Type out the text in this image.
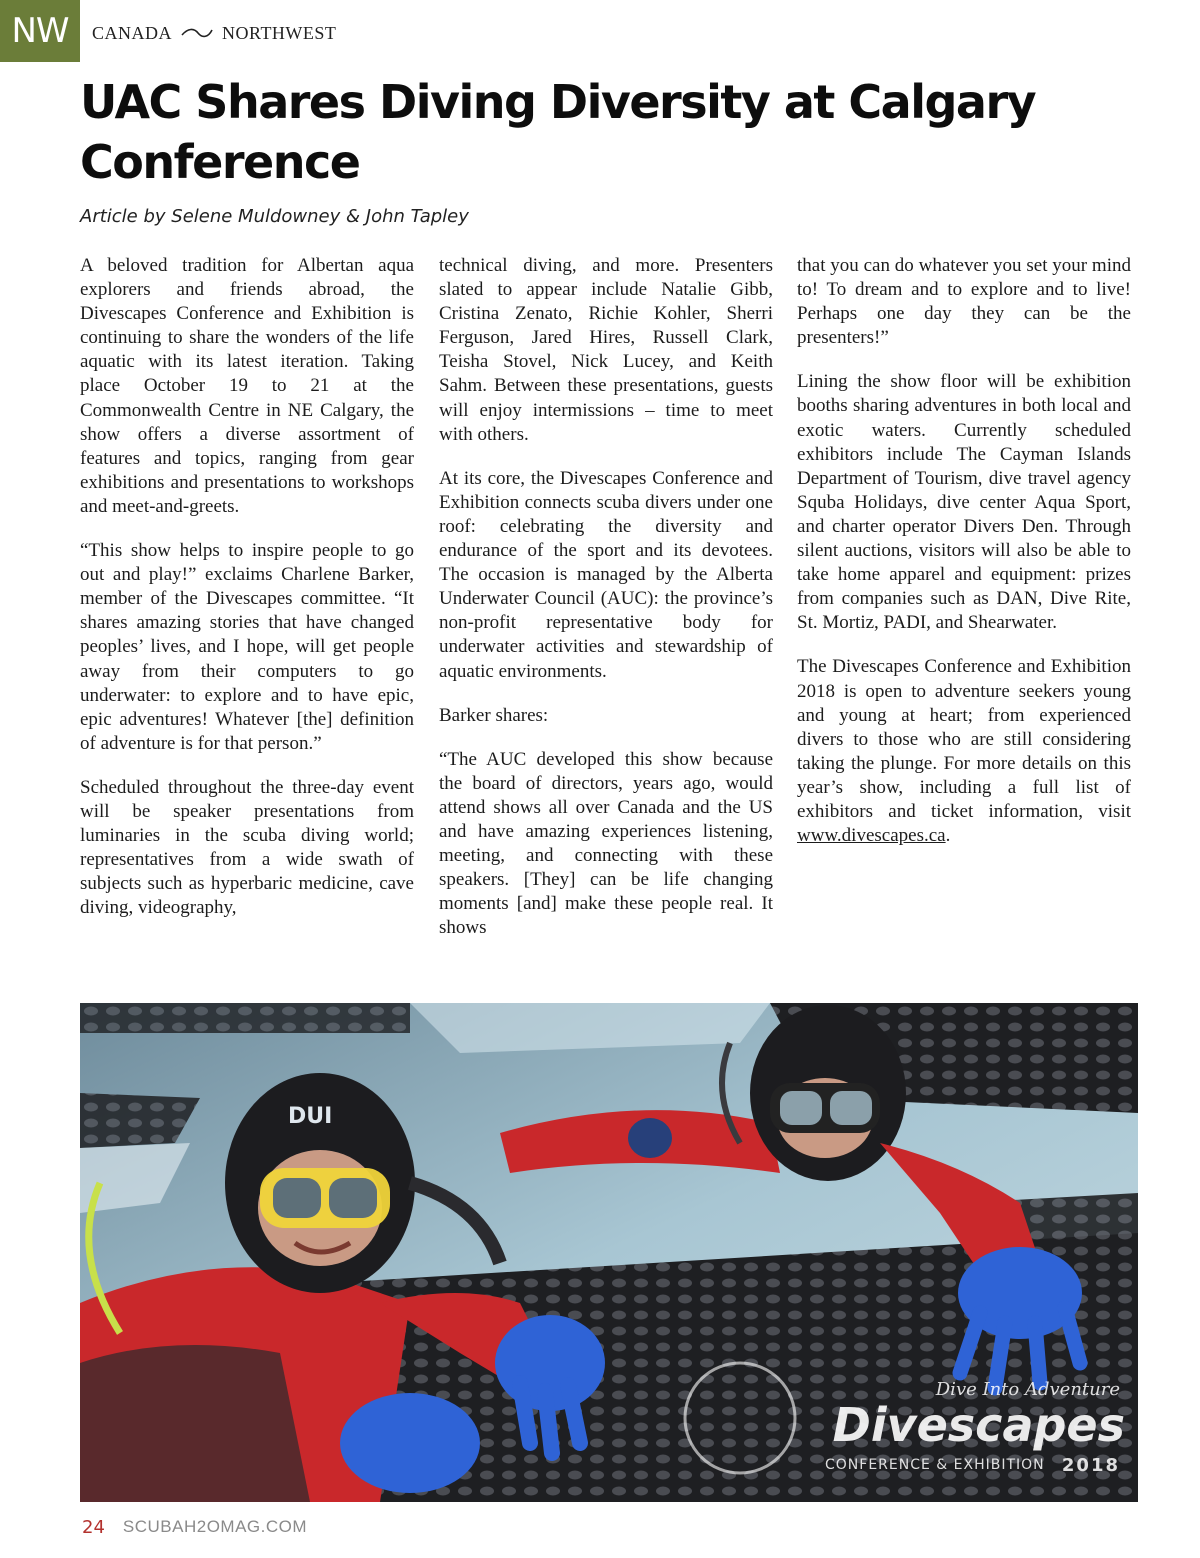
NW	CANADA	NORTHWEST
UAC Shares Diving Diversity at Calgary Conference
Article by Selene Muldowney & John Tapley

A beloved tradition for Albertan aqua explorers and friends abroad, the Divescapes Conference and Exhibition is continuing to share the wonders of the life aquatic with its latest iteration. Taking place October 19 to 21 at the Commonwealth Centre in NE Calgary, the show offers a diverse assortment of features and topics, ranging from gear exhibitions and presentations to workshops and meet-and-greets.

“This show helps to inspire people to go out and play!” exclaims Charlene Barker, member of the Divescapes committee. “It shares amazing stories that have changed peoples’ lives, and I hope, will get people away from their computers to go underwater: to explore and to have epic, epic adventures! Whatever [the] definition of adventure is for that person.”

Scheduled throughout the three-day event will be speaker presentations from luminaries in the scuba diving world; representatives from a wide swath of subjects such as hyperbaric medicine, cave diving, videography,

technical diving, and more. Presenters slated to appear include Natalie Gibb, Cristina Zenato, Richie Kohler, Sherri Ferguson, Jared Hires, Russell Clark, Teisha Stovel, Nick Lucey, and Keith Sahm. Between these presentations, guests will enjoy intermissions – time to meet with others.

At its core, the Divescapes Conference and Exhibition connects scuba divers under one roof: celebrating the diversity and endurance of the sport and its devotees. The occasion is managed by the Alberta Underwater Council (AUC): the province’s non-profit representative body for underwater activities and stewardship of aquatic environments.

Barker shares:

“The AUC developed this show because the board of directors, years ago, would attend shows all over Canada and the US and have amazing experiences listening, meeting, and connecting with these speakers. [They] can be life changing moments [and] make these people real. It shows

that you can do whatever you set your mind to! To dream and to explore and to live! Perhaps one day they can be the presenters!”

Lining the show floor will be exhibition booths sharing adventures in both local and exotic waters. Currently scheduled exhibitors include The Cayman Islands Department of Tourism, dive travel agency Squba Holidays, dive center Aqua Sport, and charter operator Divers Den. Through silent auctions, visitors will also be able to take home apparel and equipment: prizes from companies such as DAN, Dive Rite, St. Mortiz, PADI, and Shearwater.

The Divescapes Conference and Exhibition 2018 is open to adventure seekers young and young at heart; from experienced divers to those who are still considering taking the plunge. For more details on this year’s show, including a full list of exhibitors and ticket information, visit www.divescapes.ca.

DUI
Dive Into Adventure
Divescapes
CONFERENCE & EXHIBITION 2018
24 SCUBAH2OMAG.COM
